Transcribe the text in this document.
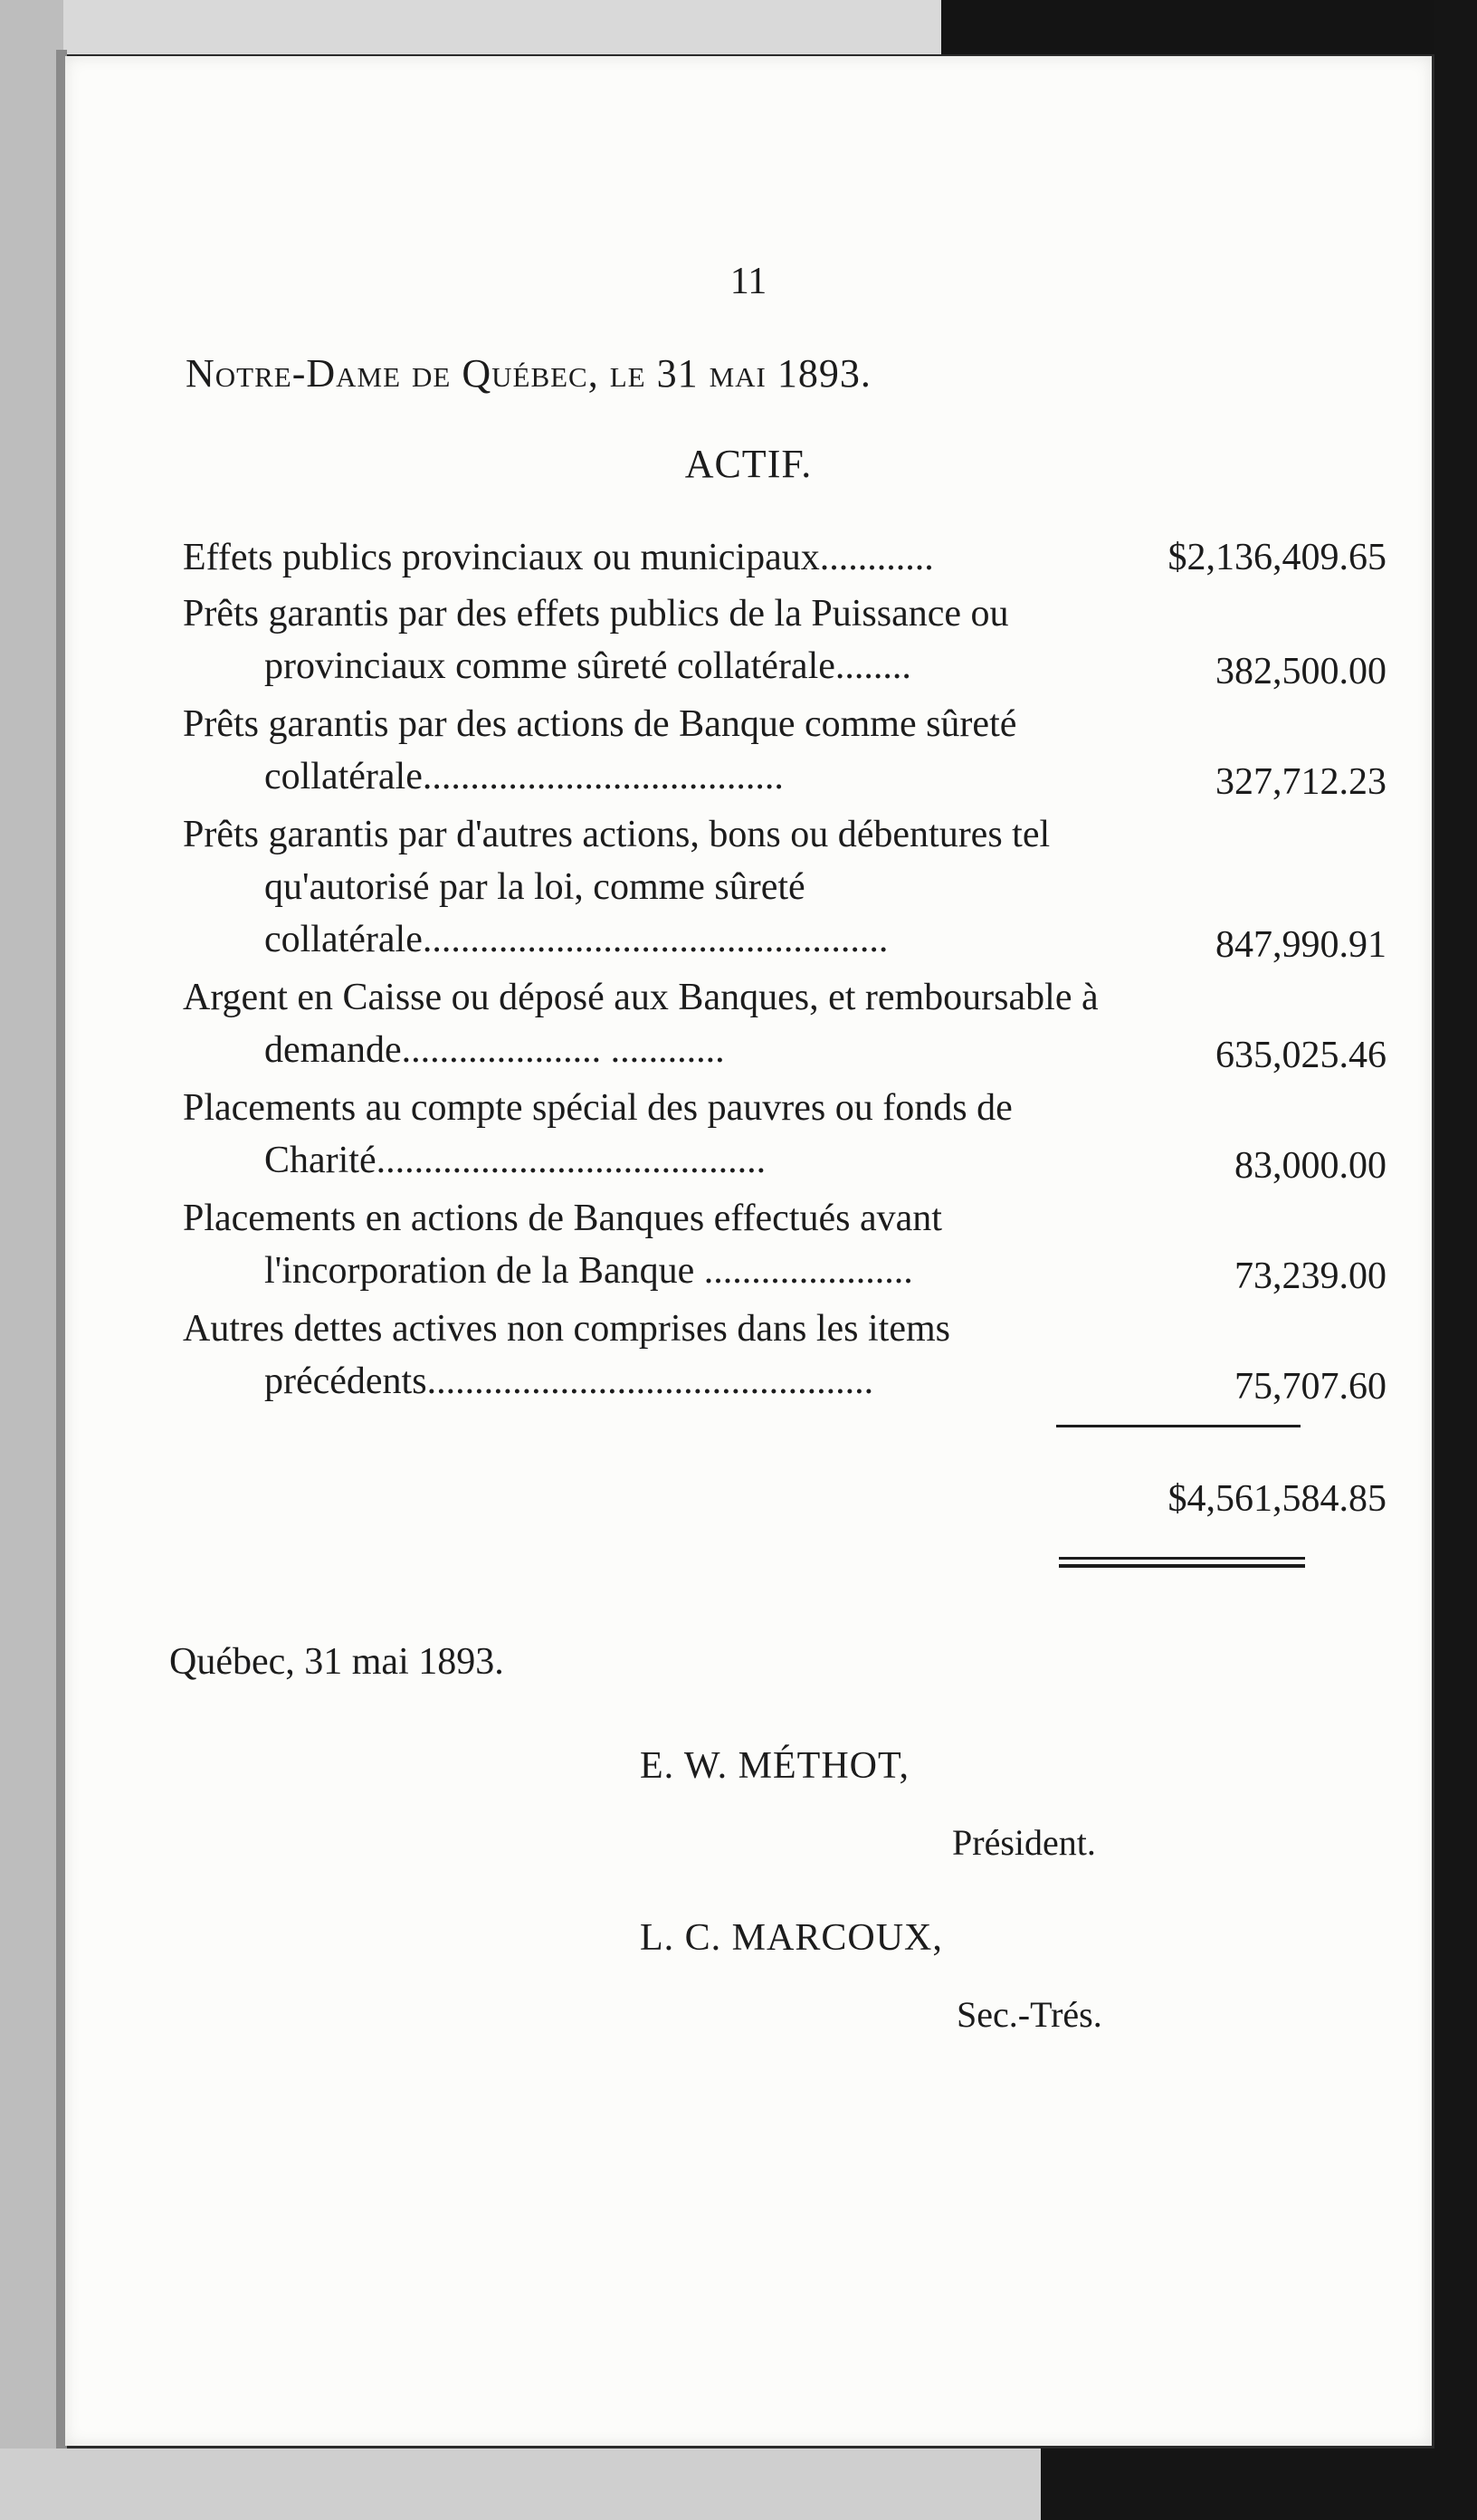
11
Notre-Dame de Québec, le 31 mai 1893.
ACTIF.
Effets publics provinciaux ou municipaux............	$2,136,409.65
Prêts garantis par des effets publics de la Puissance ou provinciaux comme sûreté collatérale........	382,500.00
Prêts garantis par des actions de Banque comme sûreté collatérale......................................	327,712.23
Prêts garantis par d'autres actions, bons ou débentures tel qu'autorisé par la loi, comme sûreté collatérale.................................................	847,990.91
Argent en Caisse ou déposé aux Banques, et remboursable à demande..................... ............	635,025.46
Placements au compte spécial des pauvres ou fonds de Charité.........................................	83,000.00
Placements en actions de Banques effectués avant l'incorporation de la Banque ......................	73,239.00
Autres dettes actives non comprises dans les items précédents...............................................	75,707.60
$4,561,584.85
Québec, 31 mai 1893.
E. W. MÉTHOT,
Président.
L. C. MARCOUX,
Sec.-Trés.
